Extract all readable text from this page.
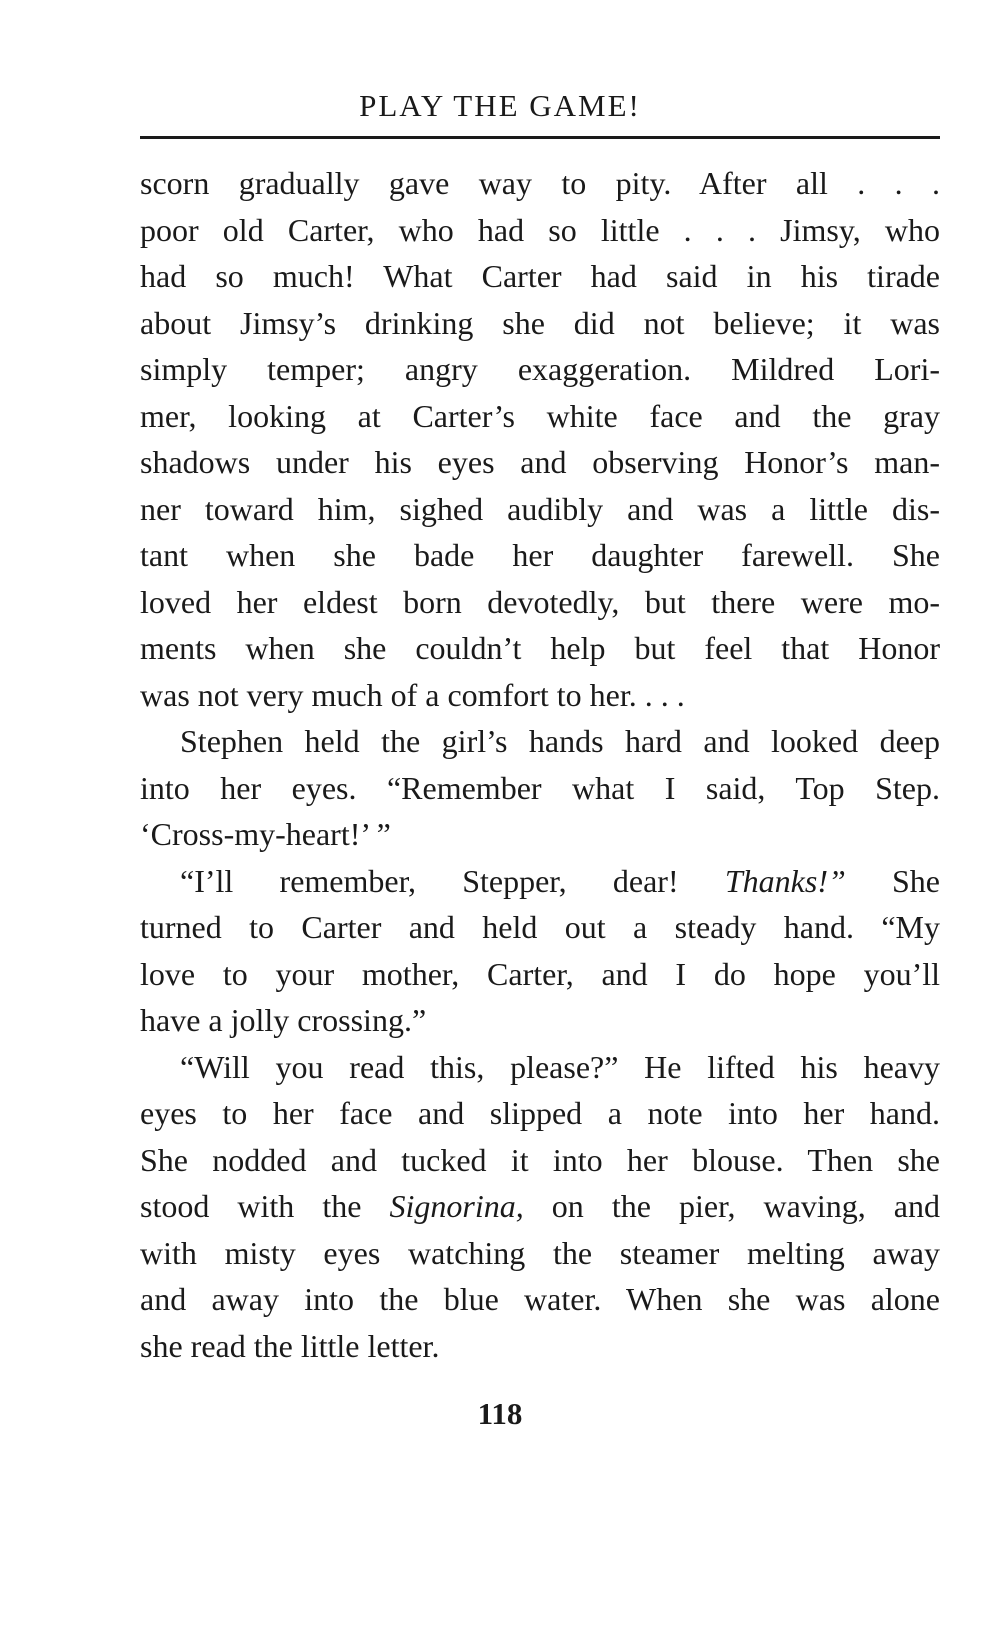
PLAY THE GAME!
scorn gradually gave way to pity. After all . . .
poor old Carter, who had so little . . . Jimsy, who
had so much! What Carter had said in his tirade
about Jimsy’s drinking she did not believe; it was
simply temper; angry exaggeration. Mildred Lori-
mer, looking at Carter’s white face and the gray
shadows under his eyes and observing Honor’s man-
ner toward him, sighed audibly and was a little dis-
tant when she bade her daughter farewell. She
loved her eldest born devotedly, but there were mo-
ments when she couldn’t help but feel that Honor
was not very much of a comfort to her. . . .
Stephen held the girl’s hands hard and looked deep
into her eyes. “Remember what I said, Top Step.
‘Cross-my-heart!’ ”
“I’ll remember, Stepper, dear! Thanks!” She
turned to Carter and held out a steady hand. “My
love to your mother, Carter, and I do hope you’ll
have a jolly crossing.”
“Will you read this, please?” He lifted his heavy
eyes to her face and slipped a note into her hand.
She nodded and tucked it into her blouse. Then she
stood with the Signorina, on the pier, waving, and
with misty eyes watching the steamer melting away
and away into the blue water. When she was alone
she read the little letter.
118
